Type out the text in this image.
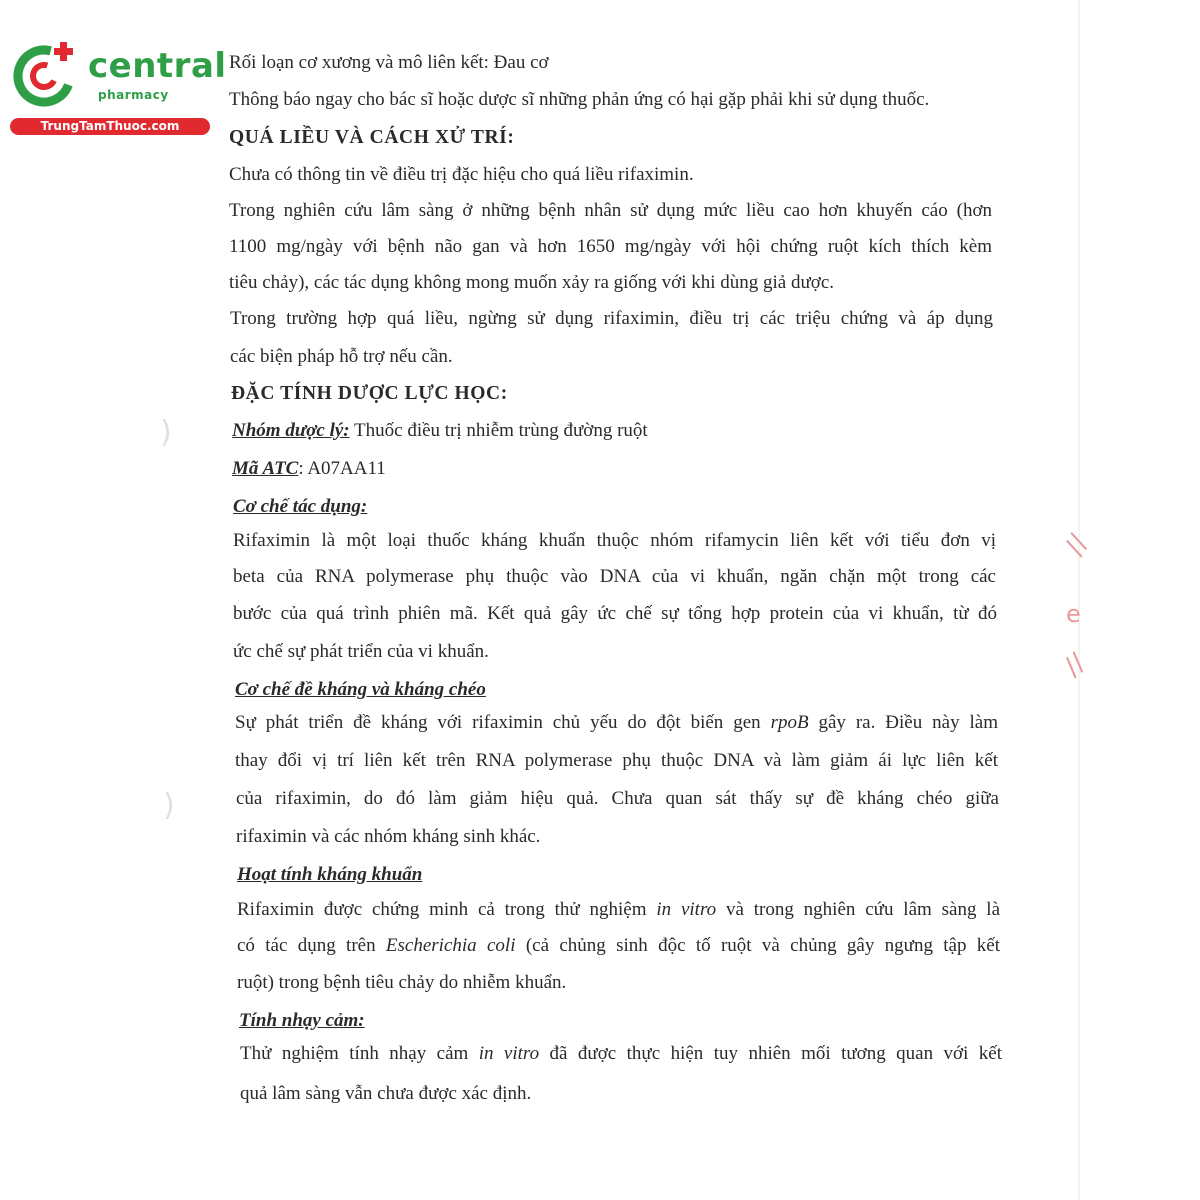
central
pharmacy
TrungTamThuoc.com
)
)
//
e
//
Rối loạn cơ xương và mô liên kết: Đau cơ
Thông báo ngay cho bác sĩ hoặc dược sĩ những phản ứng có hại gặp phải khi sử dụng thuốc.
QUÁ LIỀU VÀ CÁCH XỬ TRÍ:
Chưa có thông tin về điều trị đặc hiệu cho quá liều rifaximin.
Trong nghiên cứu lâm sàng ở những bệnh nhân sử dụng mức liều cao hơn khuyến cáo (hơn
1100 mg/ngày với bệnh não gan và hơn 1650 mg/ngày với hội chứng ruột kích thích kèm
tiêu chảy), các tác dụng không mong muốn xảy ra giống với khi dùng giả dược.
Trong trường hợp quá liều, ngừng sử dụng rifaximin, điều trị các triệu chứng và áp dụng
các biện pháp hỗ trợ nếu cần.
ĐẶC TÍNH DƯỢC LỰC HỌC:
Nhóm dược lý: Thuốc điều trị nhiễm trùng đường ruột
Mã ATC: A07AA11
Cơ chế tác dụng:
Rifaximin là một loại thuốc kháng khuẩn thuộc nhóm rifamycin liên kết với tiểu đơn vị
beta của RNA polymerase phụ thuộc vào DNA của vi khuẩn, ngăn chặn một trong các
bước của quá trình phiên mã. Kết quả gây ức chế sự tổng hợp protein của vi khuẩn, từ đó
ức chế sự phát triển của vi khuẩn.
Cơ chế đề kháng và kháng chéo
Sự phát triển đề kháng với rifaximin chủ yếu do đột biến gen rpoB gây ra. Điều này làm
thay đổi vị trí liên kết trên RNA polymerase phụ thuộc DNA và làm giảm ái lực liên kết
của rifaximin, do đó làm giảm hiệu quả. Chưa quan sát thấy sự đề kháng chéo giữa
rifaximin và các nhóm kháng sinh khác.
Hoạt tính kháng khuẩn
Rifaximin được chứng minh cả trong thử nghiệm in vitro và trong nghiên cứu lâm sàng là
có tác dụng trên Escherichia coli (cả chủng sinh độc tố ruột và chủng gây ngưng tập kết
ruột) trong bệnh tiêu chảy do nhiễm khuẩn.
Tính nhạy cảm:
Thử nghiệm tính nhạy cảm in vitro đã được thực hiện tuy nhiên mối tương quan với kết
quả lâm sàng vẫn chưa được xác định.
